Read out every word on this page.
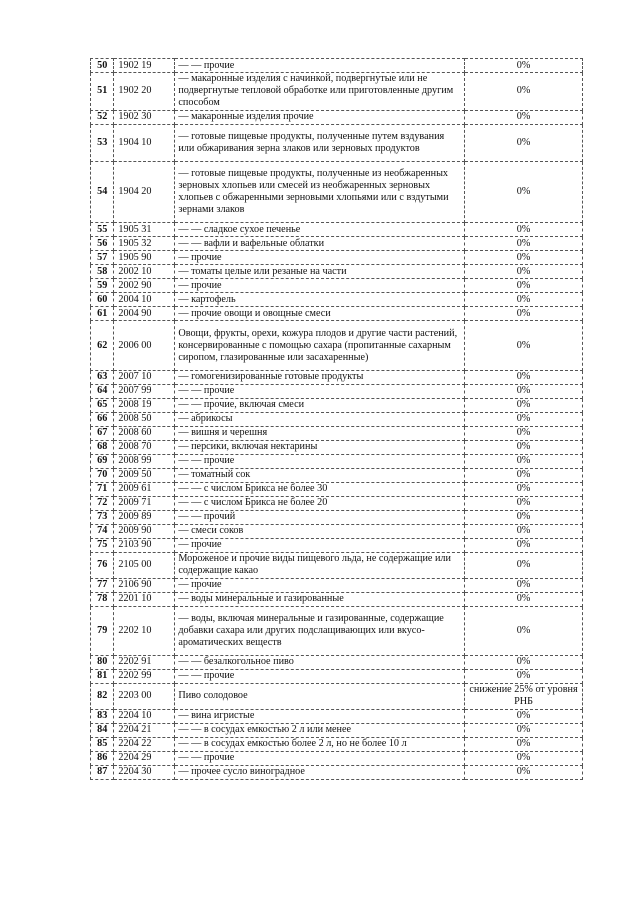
50	1902 19	— — прочие	0%
51	1902 20	— макаронные изделия с начинкой, подвергнутые или не подвергнутые тепловой обработке или приготовленные другим способом	0%
52	1902 30	— макаронные изделия прочие	0%
53	1904 10	— готовые пищевые продукты, полученные путем вздувания или обжаривания зерна злаков или зерновых продуктов	0%
54	1904 20	— готовые пищевые продукты, полученные из необжаренных зерновых хлопьев или смесей из необжаренных зерновых хлопьев с обжаренными зерновыми хлопьями или с вздутыми зернами злаков	0%
55	1905 31	— — сладкое сухое печенье	0%
56	1905 32	— — вафли и вафельные облатки	0%
57	1905 90	— прочие	0%
58	2002 10	— томаты целые или резаные на части	0%
59	2002 90	— прочие	0%
60	2004 10	— картофель	0%
61	2004 90	— прочие овощи и овощные смеси	0%
62	2006 00	Овощи, фрукты, орехи, кожура плодов и другие части растений, консервированные с помощью сахара (пропитанные сахарным сиропом, глазированные или засахаренные)	0%
63	2007 10	— гомогенизированные готовые продукты	0%
64	2007 99	— — прочие	0%
65	2008 19	— — прочие, включая смеси	0%
66	2008 50	— абрикосы	0%
67	2008 60	— вишня и черешня	0%
68	2008 70	— персики, включая нектарины	0%
69	2008 99	— — прочие	0%
70	2009 50	— томатный сок	0%
71	2009 61	— — с числом Брикса не более 30	0%
72	2009 71	— — с числом Брикса не более 20	0%
73	2009 89	— — прочий	0%
74	2009 90	— смеси соков	0%
75	2103 90	— прочие	0%
76	2105 00	Мороженое и прочие виды пищевого льда, не содержащие или содержащие какао	0%
77	2106 90	— прочие	0%
78	2201 10	— воды минеральные и газированные	0%
79	2202 10	— воды, включая минеральные и газированные, содержащие добавки сахара или других подслащивающих или вкусо-ароматических веществ	0%
80	2202 91	— — безалкогольное пиво	0%
81	2202 99	— — прочие	0%
82	2203 00	Пиво солодовое	снижение 25% от уровня РНБ
83	2204 10	— вина игристые	0%
84	2204 21	— — в сосудах емкостью 2 л или менее	0%
85	2204 22	— — в сосудах емкостью более 2 л, но не более 10 л	0%
86	2204 29	— — прочие	0%
87	2204 30	— прочее сусло виноградное	0%
